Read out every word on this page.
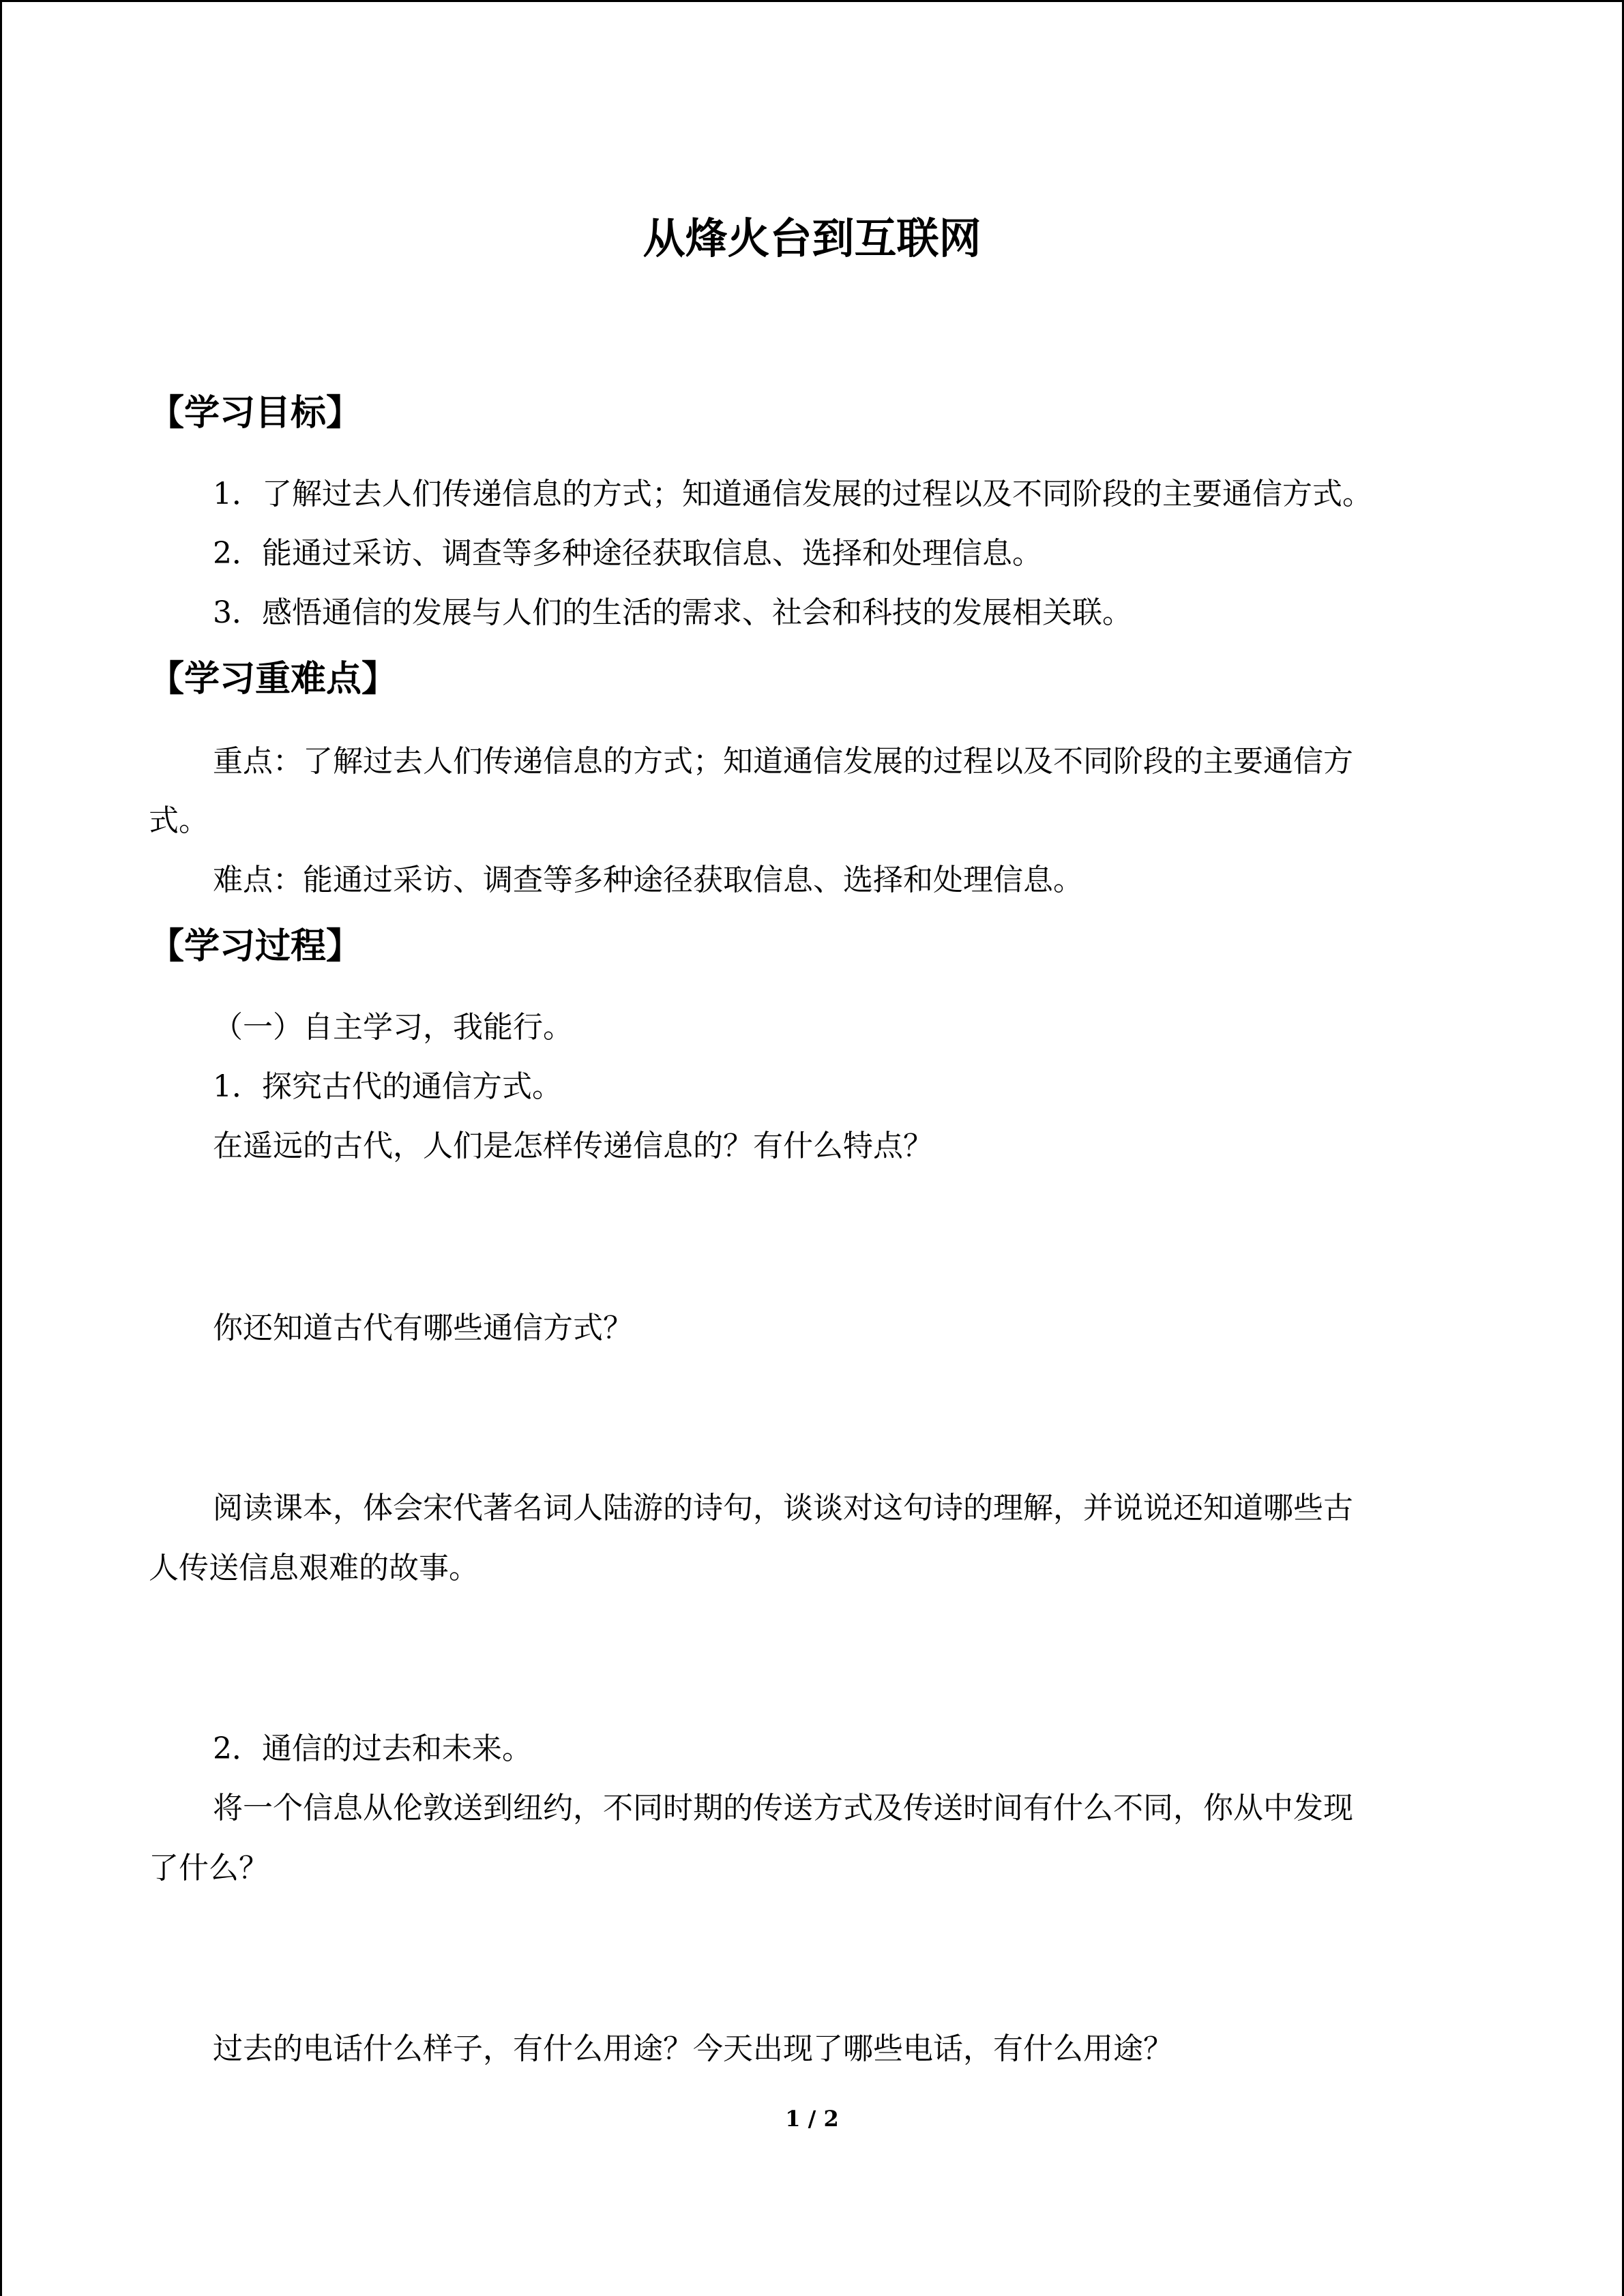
从烽火台到互联网
【学习目标】
1．了解过去人们传递信息的方式；知道通信发展的过程以及不同阶段的主要通信方式。
2．能通过采访、调查等多种途径获取信息、选择和处理信息。
3．感悟通信的发展与人们的生活的需求、社会和科技的发展相关联。
【学习重难点】
重点：了解过去人们传递信息的方式；知道通信发展的过程以及不同阶段的主要通信方
式。
难点：能通过采访、调查等多种途径获取信息、选择和处理信息。
【学习过程】
（一）自主学习，我能行。
1．探究古代的通信方式。
在遥远的古代，人们是怎样传递信息的？有什么特点？
你还知道古代有哪些通信方式？
阅读课本，体会宋代著名词人陆游的诗句，谈谈对这句诗的理解，并说说还知道哪些古
人传送信息艰难的故事。
2．通信的过去和未来。
将一个信息从伦敦送到纽约，不同时期的传送方式及传送时间有什么不同，你从中发现
了什么？
过去的电话什么样子，有什么用途？今天出现了哪些电话，有什么用途？
1 / 2
